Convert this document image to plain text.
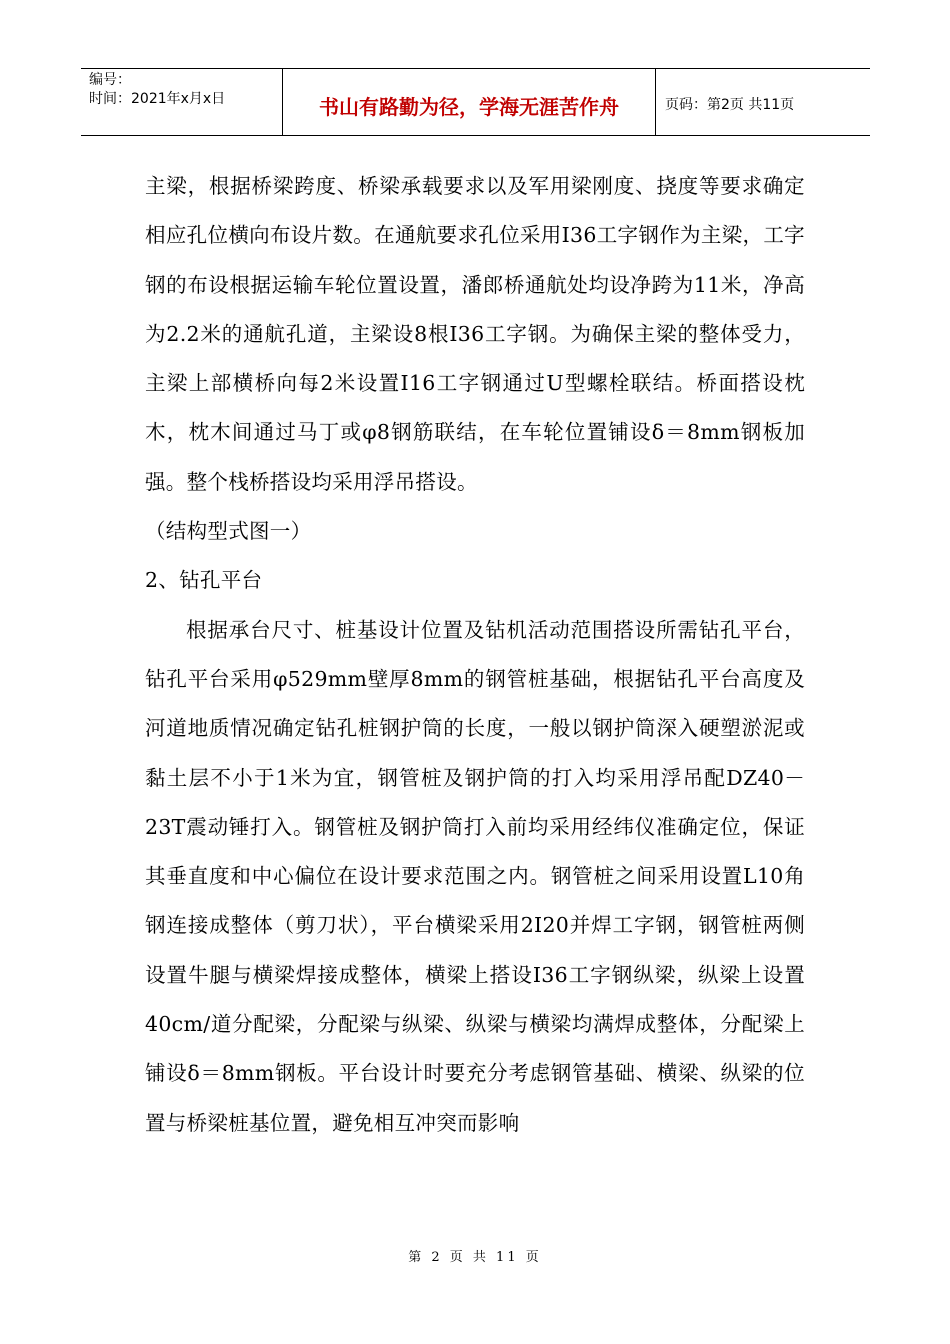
编号：
时间：2021年x月x日	书山有路勤为径，学海无涯苦作舟	页码：第2页 共11页

主梁，根据桥梁跨度、桥梁承载要求以及军用梁刚度、挠度等要求确定相应孔位横向布设片数。在通航要求孔位采用I36工字钢作为主梁，工字钢的布设根据运输车轮位置设置，潘郎桥通航处均设净跨为11米，净高为2.2米的通航孔道，主梁设8根I36工字钢。为确保主梁的整体受力，主梁上部横桥向每2米设置I16工字钢通过U型螺栓联结。桥面搭设枕木，枕木间通过马丁或φ8钢筋联结，在车轮位置铺设δ＝8mm钢板加强。整个栈桥搭设均采用浮吊搭设。

（结构型式图一）

2、钻孔平台

根据承台尺寸、桩基设计位置及钻机活动范围搭设所需钻孔平台，钻孔平台采用φ529mm壁厚8mm的钢管桩基础，根据钻孔平台高度及河道地质情况确定钻孔桩钢护筒的长度，一般以钢护筒深入硬塑淤泥或黏土层不小于1米为宜，钢管桩及钢护筒的打入均采用浮吊配DZ40－23T震动锤打入。钢管桩及钢护筒打入前均采用经纬仪准确定位，保证其垂直度和中心偏位在设计要求范围之内。钢管桩之间采用设置L10角钢连接成整体（剪刀状），平台横梁采用2I20并焊工字钢，钢管桩两侧设置牛腿与横梁焊接成整体，横梁上搭设I36工字钢纵梁，纵梁上设置40cm/道分配梁，分配梁与纵梁、纵梁与横梁均满焊成整体，分配梁上铺设δ＝8mm钢板。平台设计时要充分考虑钢管基础、横梁、纵梁的位置与桥梁桩基位置，避免相互冲突而影响

第 2 页 共 11 页
